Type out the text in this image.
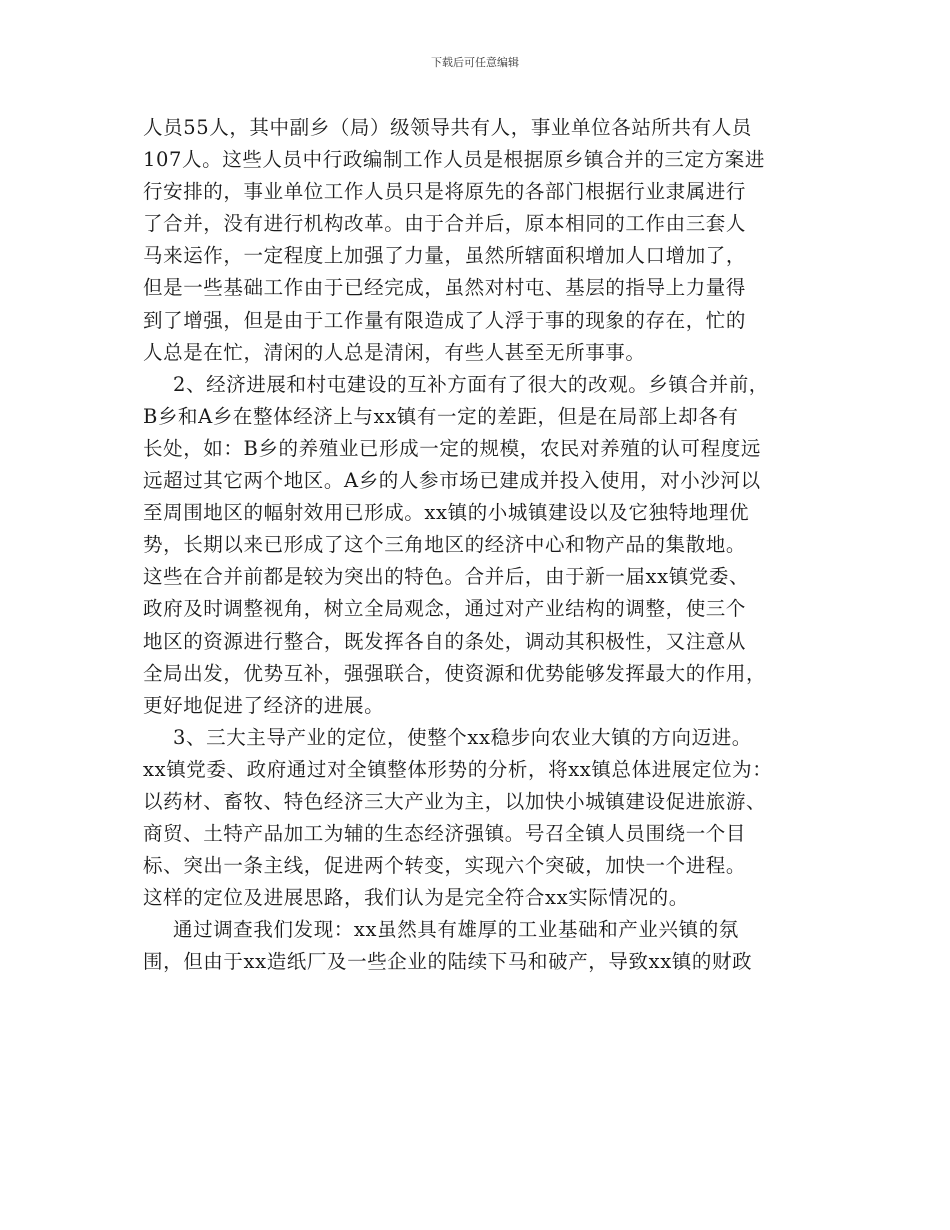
下载后可任意编辑
人员55人，其中副乡（局）级领导共有人，事业单位各站所共有人员
107人。这些人员中行政编制工作人员是根据原乡镇合并的三定方案进
行安排的，事业单位工作人员只是将原先的各部门根据行业隶属进行
了合并，没有进行机构改革。由于合并后，原本相同的工作由三套人
马来运作，一定程度上加强了力量，虽然所辖面积增加人口增加了，
但是一些基础工作由于已经完成，虽然对村屯、基层的指导上力量得
到了增强，但是由于工作量有限造成了人浮于事的现象的存在，忙的
人总是在忙，清闲的人总是清闲，有些人甚至无所事事。
2、经济进展和村屯建设的互补方面有了很大的改观。乡镇合并前，
B乡和A乡在整体经济上与xx镇有一定的差距，但是在局部上却各有
长处，如：B乡的养殖业已形成一定的规模，农民对养殖的认可程度远
远超过其它两个地区。A乡的人参市场已建成并投入使用，对小沙河以
至周围地区的幅射效用已形成。xx镇的小城镇建设以及它独特地理优
势，长期以来已形成了这个三角地区的经济中心和物产品的集散地。
这些在合并前都是较为突出的特色。合并后，由于新一届xx镇党委、
政府及时调整视角，树立全局观念，通过对产业结构的调整，使三个
地区的资源进行整合，既发挥各自的条处，调动其积极性，又注意从
全局出发，优势互补，强强联合，使资源和优势能够发挥最大的作用，
更好地促进了经济的进展。
3、三大主导产业的定位，使整个xx稳步向农业大镇的方向迈进。
xx镇党委、政府通过对全镇整体形势的分析，将xx镇总体进展定位为：
以药材、畜牧、特色经济三大产业为主，以加快小城镇建设促进旅游、
商贸、土特产品加工为辅的生态经济强镇。号召全镇人员围绕一个目
标、突出一条主线，促进两个转变，实现六个突破，加快一个进程。
这样的定位及进展思路，我们认为是完全符合xx实际情况的。
通过调查我们发现：xx虽然具有雄厚的工业基础和产业兴镇的氛
围，但由于xx造纸厂及一些企业的陆续下马和破产，导致xx镇的财政
